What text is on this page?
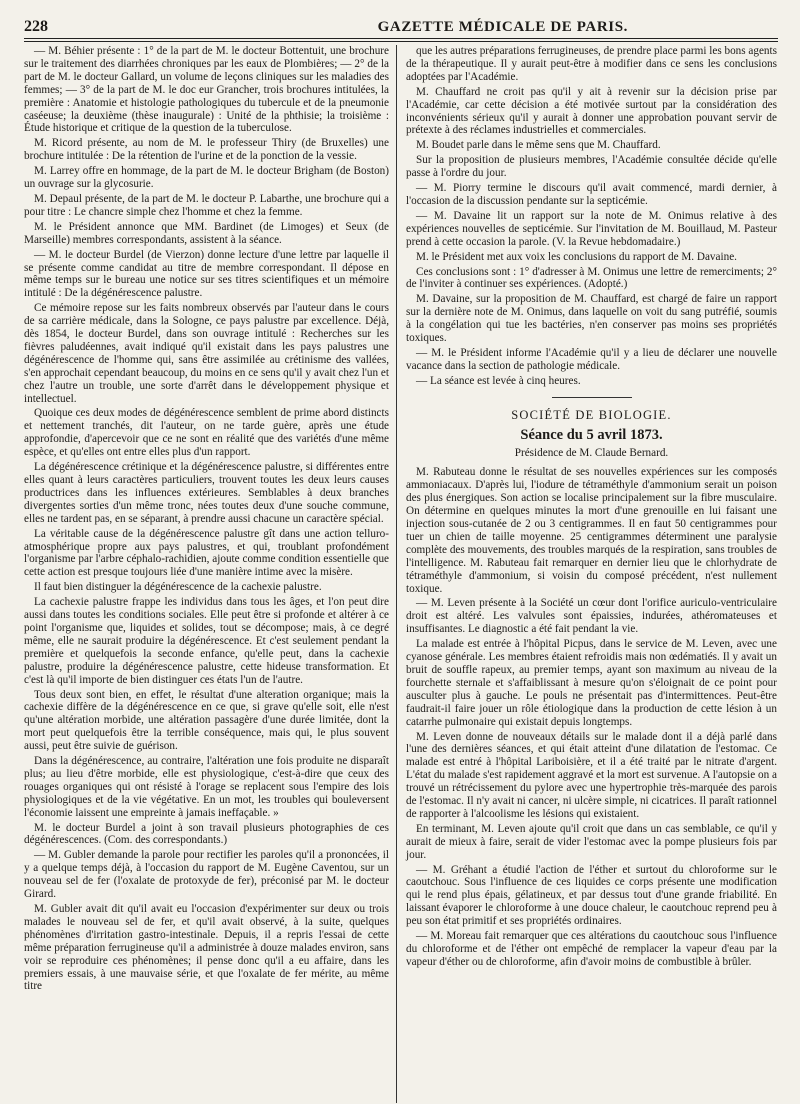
228	GAZETTE MÉDICALE DE PARIS.

— M. Béhier présente : 1° de la part de M. le docteur Bottentuit, une brochure sur le traitement des diarrhées chroniques par les eaux de Plombières; — 2° de la part de M. le docteur Gallard, un volume de leçons cliniques sur les maladies des femmes; — 3° de la part de M. le doc eur Grancher, trois brochures intitulées, la première : Anatomie et histologie pathologiques du tubercule et de la pneumonie caséeuse; la deuxième (thèse inaugurale) : Unité de la phthisie; la troisième : Étude historique et critique de la question de la tuberculose.

M. Ricord présente, au nom de M. le professeur Thiry (de Bruxelles) une brochure intitulée : De la rétention de l'urine et de la ponction de la vessie.

M. Larrey offre en hommage, de la part de M. le docteur Brigham (de Boston) un ouvrage sur la glycosurie.

M. Depaul présente, de la part de M. le docteur P. Labarthe, une brochure qui a pour titre : Le chancre simple chez l'homme et chez la femme.

M. le Président annonce que MM. Bardinet (de Limoges) et Seux (de Marseille) membres correspondants, assistent à la séance.

— M. le docteur Burdel (de Vierzon) donne lecture d'une lettre par laquelle il se présente comme candidat au titre de membre correspondant. Il dépose en même temps sur le bureau une notice sur ses titres scientifiques et un mémoire intitulé : De la dégénérescence palustre.

Ce mémoire repose sur les faits nombreux observés par l'auteur dans le cours de sa carrière médicale, dans la Sologne, ce pays palustre par excellence. Déjà, dès 1854, le docteur Burdel, dans son ouvrage intitulé : Recherches sur les fièvres paludéennes, avait indiqué qu'il existait dans les pays palustres une dégénérescence de l'homme qui, sans être assimilée au crétinisme des vallées, s'en approchait cependant beaucoup, du moins en ce sens qu'il y avait chez l'un et chez l'autre un trouble, une sorte d'arrêt dans le développement physique et intellectuel.

Quoique ces deux modes de dégénérescence semblent de prime abord distincts et nettement tranchés, dit l'auteur, on ne tarde guère, après une étude approfondie, d'apercevoir que ce ne sont en réalité que des variétés d'une même espèce, et qu'elles ont entre elles plus d'un rapport.

La dégénérescence crétinique et la dégénérescence palustre, si différentes entre elles quant à leurs caractères particuliers, trouvent toutes les deux leurs causes productrices dans les influences extérieures. Semblables à deux branches divergentes sorties d'un même tronc, nées toutes deux d'une souche commune, elles ne tardent pas, en se séparant, à prendre aussi chacune un caractère spécial.

La véritable cause de la dégénérescence palustre gît dans une action telluro-atmosphérique propre aux pays palustres, et qui, troublant profondément l'organisme par l'arbre céphalo-rachidien, ajoute comme condition essentielle que cette action est presque toujours liée d'une manière intime avec la misère.

Il faut bien distinguer la dégénérescence de la cachexie palustre.

La cachexie palustre frappe les individus dans tous les âges, et l'on peut dire aussi dans toutes les conditions sociales. Elle peut être si profonde et altérer à ce point l'organisme que, liquides et solides, tout se décompose; mais, à ce degré même, elle ne saurait produire la dégénérescence. Et c'est seulement pendant la première et quelquefois la seconde enfance, qu'elle peut, dans la cachexie palustre, produire la dégénérescence palustre, cette hideuse transformation. Et c'est là qu'il importe de bien distinguer ces états l'un de l'autre.

Tous deux sont bien, en effet, le résultat d'une alteration organique; mais la cachexie diffère de la dégénérescence en ce que, si grave qu'elle soit, elle n'est qu'une altération morbide, une altération passagère d'une durée limitée, dont la mort peut quelquefois être la terrible conséquence, mais qui, le plus souvent aussi, peut être suivie de guérison.

Dans la dégénérescence, au contraire, l'altération une fois produite ne disparaît plus; au lieu d'être morbide, elle est physiologique, c'est-à-dire que ceux des rouages organiques qui ont résisté à l'orage se replacent sous l'empire des lois physiologiques et de la vie végétative. En un mot, les troubles qui bouleversent l'économie laissent une empreinte à jamais ineffaçable. »

M. le docteur Burdel a joint à son travail plusieurs photographies de ces dégénérescences. (Com. des correspondants.)

— M. Gubler demande la parole pour rectifier les paroles qu'il a prononcées, il y a quelque temps déjà, à l'occasion du rapport de M. Eugène Caventou, sur un nouveau sel de fer (l'oxalate de protoxyde de fer), préconisé par M. le docteur Girard.

M. Gubler avait dit qu'il avait eu l'occasion d'expérimenter sur deux ou trois malades le nouveau sel de fer, et qu'il avait observé, à la suite, quelques phénomènes d'irritation gastro-intestinale. Depuis, il a repris l'essai de cette même préparation ferrugineuse qu'il a administrée à douze malades environ, sans voir se reproduire ces phénomènes; il pense donc qu'il a eu affaire, dans les premiers essais, à une mauvaise série, et que l'oxalate de fer mérite, au même titre

que les autres préparations ferrugineuses, de prendre place parmi les bons agents de la thérapeutique. Il y aurait peut-être à modifier dans ce sens les conclusions adoptées par l'Académie.

M. Chauffard ne croit pas qu'il y ait à revenir sur la décision prise par l'Académie, car cette décision a été motivée surtout par la considération des inconvénients sérieux qu'il y aurait à donner une approbation pouvant servir de prétexte à des réclames industrielles et commerciales.

M. Boudet parle dans le même sens que M. Chauffard.

Sur la proposition de plusieurs membres, l'Académie consultée décide qu'elle passe à l'ordre du jour.

— M. Piorry termine le discours qu'il avait commencé, mardi dernier, à l'occasion de la discussion pendante sur la septicémie.

— M. Davaine lit un rapport sur la note de M. Onimus relative à des expériences nouvelles de septicémie. Sur l'invitation de M. Bouillaud, M. Pasteur prend à cette occasion la parole. (V. la Revue hebdomadaire.)

M. le Président met aux voix les conclusions du rapport de M. Davaine.

Ces conclusions sont : 1° d'adresser à M. Onimus une lettre de remerciments; 2° de l'inviter à continuer ses expériences. (Adopté.)

M. Davaine, sur la proposition de M. Chauffard, est chargé de faire un rapport sur la dernière note de M. Onimus, dans laquelle on voit du sang putréfié, soumis à la congélation qui tue les bactéries, n'en conserver pas moins ses propriétés toxiques.

— M. le Président informe l'Académie qu'il y a lieu de déclarer une nouvelle vacance dans la section de pathologie médicale.

— La séance est levée à cinq heures.

SOCIÉTÉ DE BIOLOGIE.
Séance du 5 avril 1873.
Présidence de M. Claude Bernard.

M. Rabuteau donne le résultat de ses nouvelles expériences sur les composés ammoniacaux. D'après lui, l'iodure de tétraméthyle d'ammonium serait un poison des plus énergiques. Son action se localise principalement sur la fibre musculaire. On détermine en quelques minutes la mort d'une grenouille en lui faisant une injection sous-cutanée de 2 ou 3 centigrammes. Il en faut 50 centigrammes pour tuer un chien de taille moyenne. 25 centigrammes déterminent une paralysie complète des mouvements, des troubles marqués de la respiration, sans troubles de l'intelligence. M. Rabuteau fait remarquer en dernier lieu que le chlorhydrate de tétraméthyle d'ammonium, si voisin du composé précédent, n'est nullement toxique.

— M. Leven présente à la Société un cœur dont l'orifice auriculo-ventriculaire droit est altéré. Les valvules sont épaissies, indurées, athéromateuses et insuffisantes. Le diagnostic a été fait pendant la vie.

La malade est entrée à l'hôpital Picpus, dans le service de M. Leven, avec une cyanose générale. Les membres étaient refroidis mais non œdématiés. Il y avait un bruit de souffle rapeux, au premier temps, ayant son maximum au niveau de la fourchette sternale et s'affaiblissant à mesure qu'on s'éloignait de ce point pour ausculter plus à gauche. Le pouls ne présentait pas d'intermittences. Peut-être faudrait-il faire jouer un rôle étiologique dans la production de cette lésion à un catarrhe pulmonaire qui existait depuis longtemps.

M. Leven donne de nouveaux détails sur le malade dont il a déjà parlé dans l'une des dernières séances, et qui était atteint d'une dilatation de l'estomac. Ce malade est entré à l'hôpital Lariboisière, et il a été traité par le nitrate d'argent. L'état du malade s'est rapidement aggravé et la mort est survenue. A l'autopsie on a trouvé un rétrécissement du pylore avec une hypertrophie très-marquée des parois de l'estomac. Il n'y avait ni cancer, ni ulcère simple, ni cicatrices. Il paraît rationnel de rapporter à l'alcoolisme les lésions qui existaient.

En terminant, M. Leven ajoute qu'il croit que dans un cas semblable, ce qu'il y aurait de mieux à faire, serait de vider l'estomac avec la pompe plusieurs fois par jour.

— M. Gréhant a étudié l'action de l'éther et surtout du chloroforme sur le caoutchouc. Sous l'influence de ces liquides ce corps présente une modification qui le rend plus épais, gélatineux, et par dessus tout d'une grande friabilité. En laissant évaporer le chloroforme à une douce chaleur, le caoutchouc reprend peu à peu son état primitif et ses propriétés ordinaires.

— M. Moreau fait remarquer que ces altérations du caoutchouc sous l'influence du chloroforme et de l'éther ont empêché de remplacer la vapeur d'eau par la vapeur d'éther ou de chloroforme, afin d'avoir moins de combustible à brûler.
